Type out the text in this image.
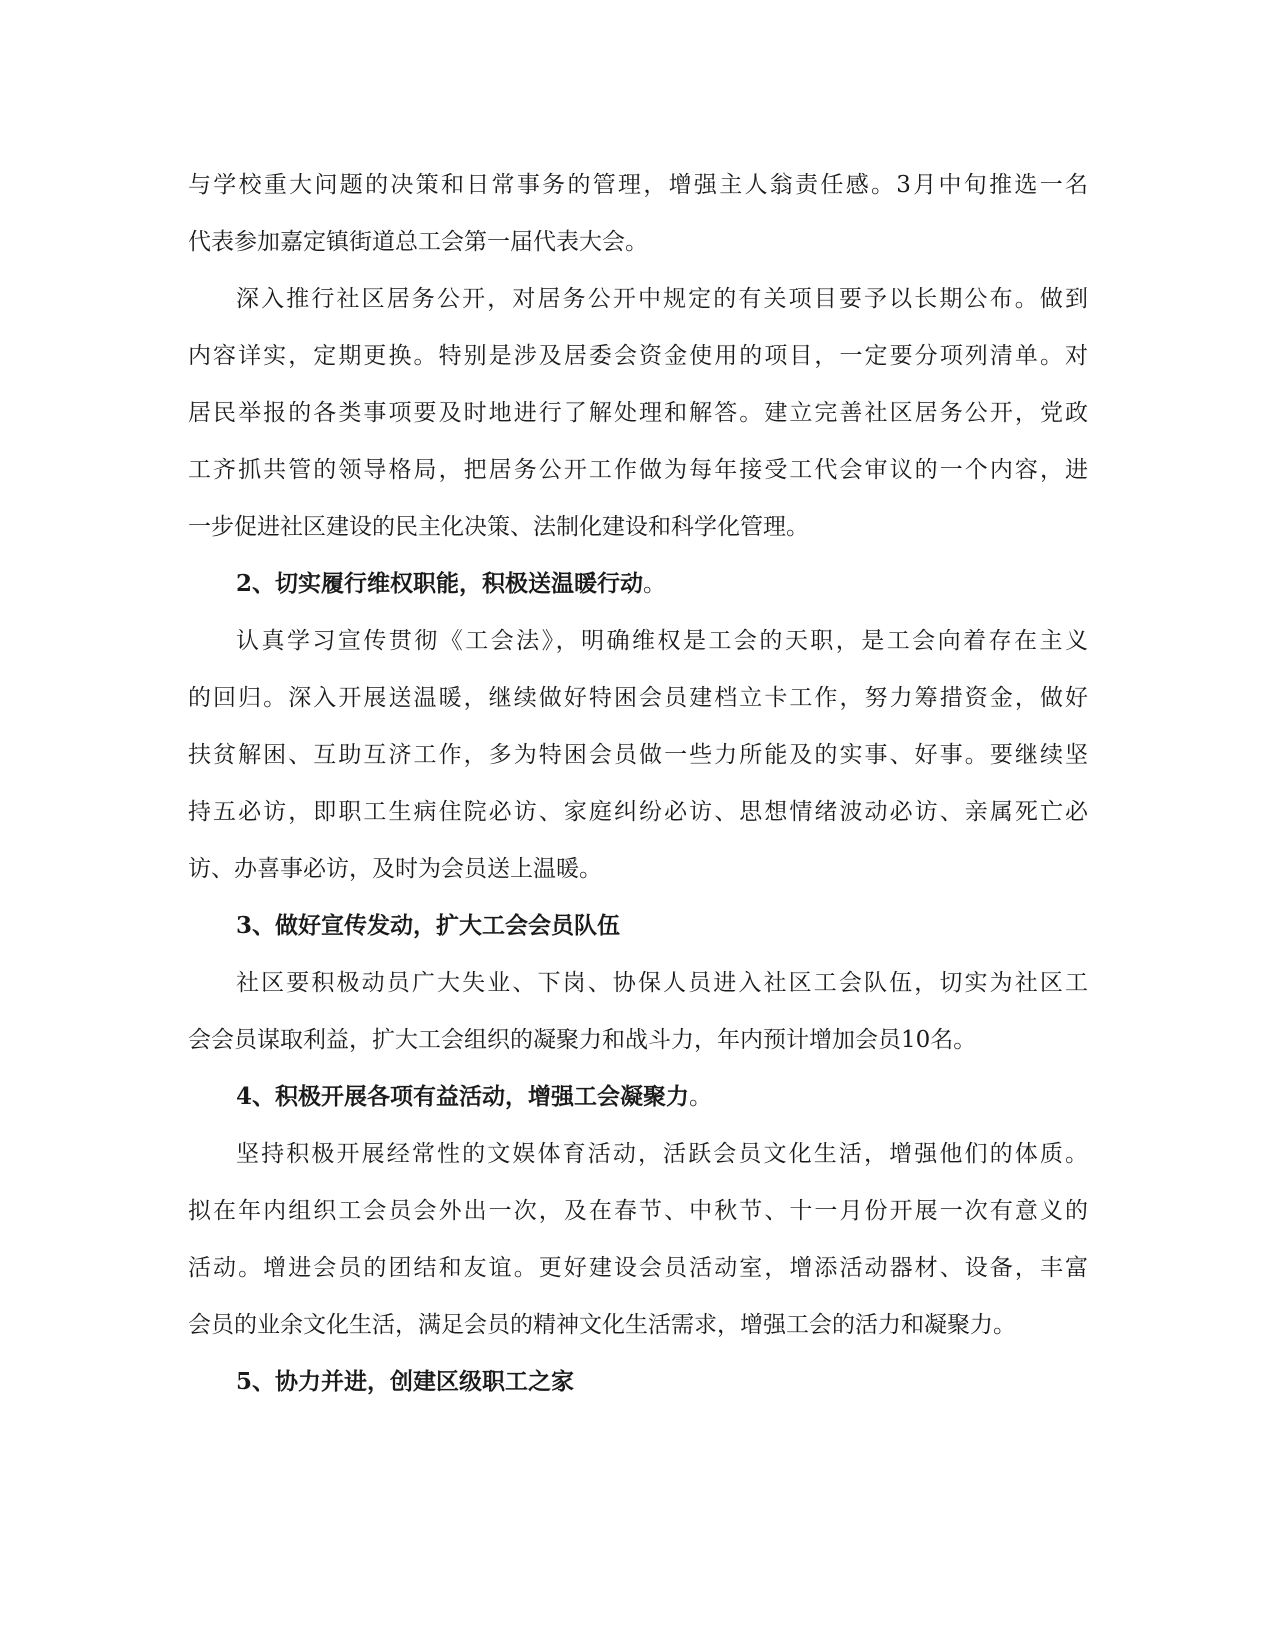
与学校重大问题的决策和日常事务的管理，增强主人翁责任感。3月中旬推选一名
代表参加嘉定镇街道总工会第一届代表大会。
深入推行社区居务公开，对居务公开中规定的有关项目要予以长期公布。做到
内容详实，定期更换。特别是涉及居委会资金使用的项目，一定要分项列清单。对
居民举报的各类事项要及时地进行了解处理和解答。建立完善社区居务公开，党政
工齐抓共管的领导格局，把居务公开工作做为每年接受工代会审议的一个内容，进
一步促进社区建设的民主化决策、法制化建设和科学化管理。
2、切实履行维权职能，积极送温暖行动。
认真学习宣传贯彻《工会法》，明确维权是工会的天职，是工会向着存在主义
的回归。深入开展送温暖，继续做好特困会员建档立卡工作，努力筹措资金，做好
扶贫解困、互助互济工作，多为特困会员做一些力所能及的实事、好事。要继续坚
持五必访，即职工生病住院必访、家庭纠纷必访、思想情绪波动必访、亲属死亡必
访、办喜事必访，及时为会员送上温暖。
3、做好宣传发动，扩大工会会员队伍
社区要积极动员广大失业、下岗、协保人员进入社区工会队伍，切实为社区工
会会员谋取利益，扩大工会组织的凝聚力和战斗力，年内预计增加会员10名。
4、积极开展各项有益活动，增强工会凝聚力。
坚持积极开展经常性的文娱体育活动，活跃会员文化生活，增强他们的体质。
拟在年内组织工会员会外出一次，及在春节、中秋节、十一月份开展一次有意义的
活动。增进会员的团结和友谊。更好建设会员活动室，增添活动器材、设备，丰富
会员的业余文化生活，满足会员的精神文化生活需求，增强工会的活力和凝聚力。
5、协力并进，创建区级职工之家
